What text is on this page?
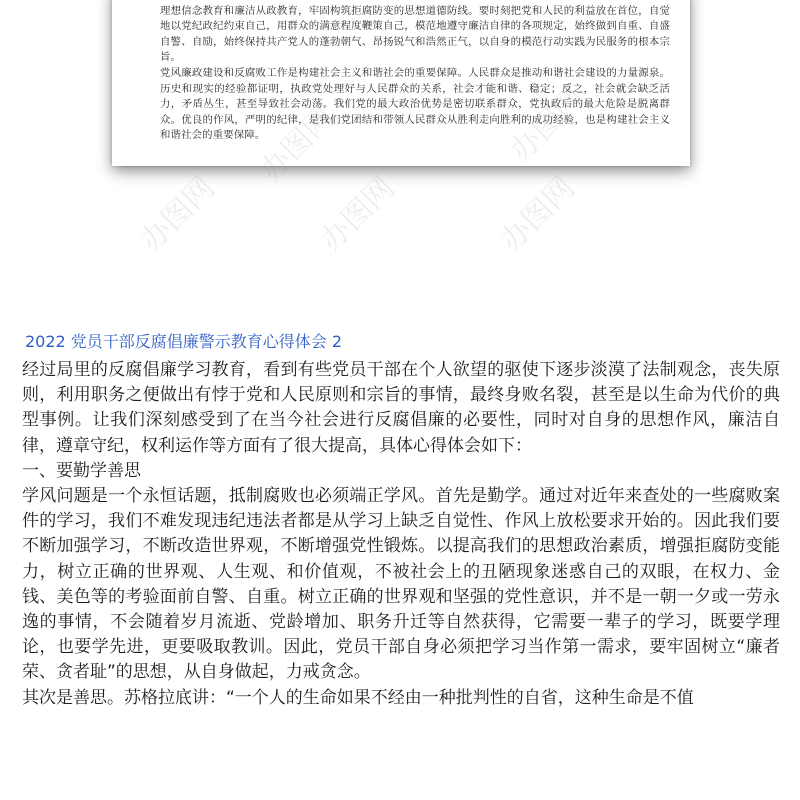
理想信念教育和廉洁从政教育，牢固构筑拒腐防变的思想道德防线。要时刻把党和人民的利益放在首位，自觉地以党纪政纪约束自己，用群众的满意程度鞭策自己，模范地遵守廉洁自律的各项规定，始终做到自重、自盛自警、自励，始终保持共产党人的蓬勃朝气、昂扬锐气和浩然正气，以自身的模范行动实践为民服务的根本宗旨。

党风廉政建设和反腐败工作是构建社会主义和谐社会的重要保障。人民群众是推动和谐社会建设的力量源泉。历史和现实的经验都证明，执政党处理好与人民群众的关系，社会才能和谐、稳定；反之，社会就会缺乏活力，矛盾丛生，甚至导致社会动荡。我们党的最大政治优势是密切联系群众，党执政后的最大危险是脱离群众。优良的作风，严明的纪律，是我们党团结和带领人民群众从胜利走向胜利的成功经验，也是构建社会主义和谐社会的重要保障。

办图网	办图网	办图网
2022 党员干部反腐倡廉警示教育心得体会 2

经过局里的反腐倡廉学习教育，看到有些党员干部在个人欲望的驱使下逐步淡漠了法制观念，丧失原则，利用职务之便做出有悖于党和人民原则和宗旨的事情，最终身败名裂，甚至是以生命为代价的典型事例。让我们深刻感受到了在当今社会进行反腐倡廉的必要性，同时对自身的思想作风，廉洁自律，遵章守纪，权利运作等方面有了很大提高，具体心得体会如下：

一、要勤学善思

学风问题是一个永恒话题，抵制腐败也必须端正学风。首先是勤学。通过对近年来查处的一些腐败案件的学习，我们不难发现违纪违法者都是从学习上缺乏自觉性、作风上放松要求开始的。因此我们要不断加强学习，不断改造世界观，不断增强党性锻炼。以提高我们的思想政治素质，增强拒腐防变能力，树立正确的世界观、人生观、和价值观，不被社会上的丑陋现象迷惑自己的双眼，在权力、金钱、美色等的考验面前自警、自重。树立正确的世界观和坚强的党性意识，并不是一朝一夕或一劳永逸的事情，不会随着岁月流逝、党龄增加、职务升迁等自然获得，它需要一辈子的学习，既要学理论，也要学先进，更要吸取教训。因此，党员干部自身必须把学习当作第一需求，要牢固树立“廉者荣、贪者耻”的思想，从自身做起，力戒贪念。

其次是善思。苏格拉底讲：“一个人的生命如果不经由一种批判性的自省，这种生命是不值
